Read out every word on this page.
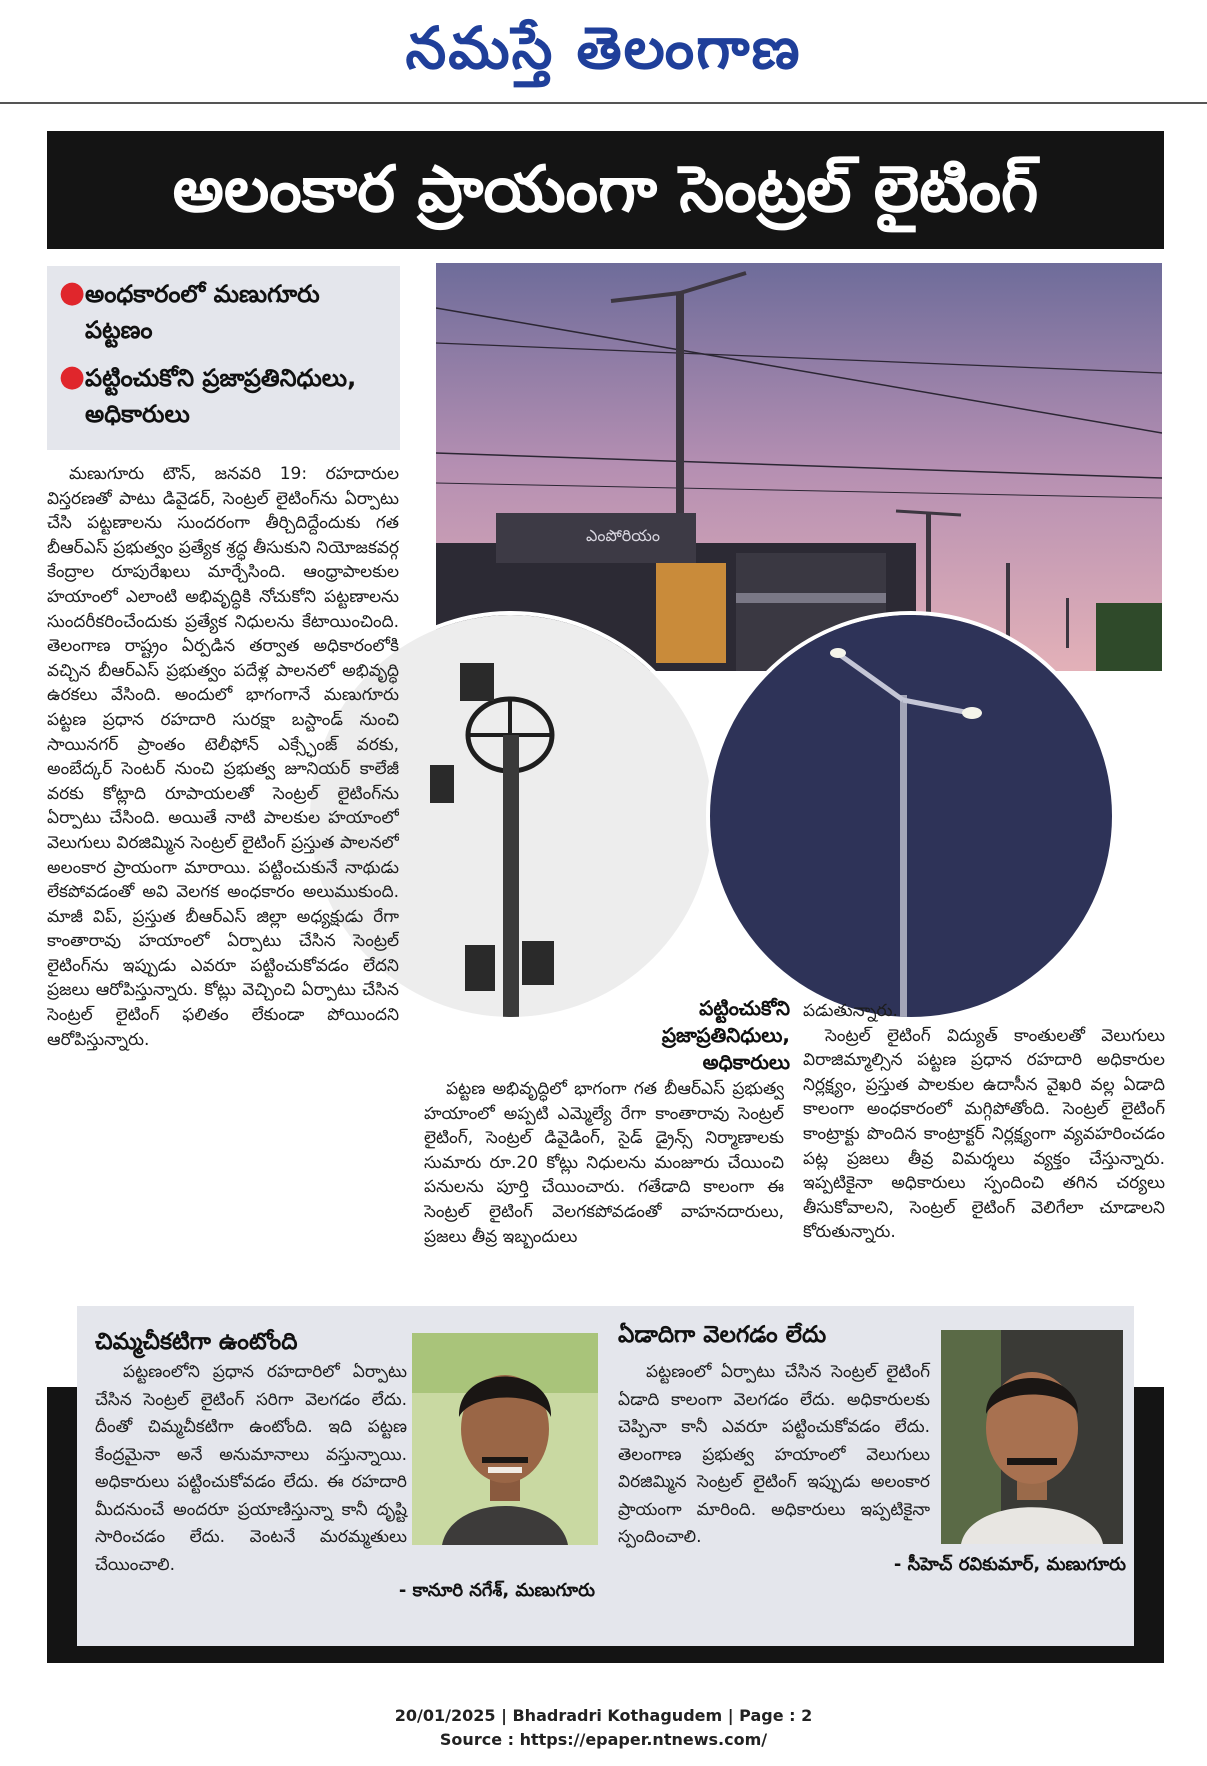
నమస్తే తెలంగాణ
అలంకార ప్రాయంగా సెంట్రల్ లైటింగ్
● అంధకారంలో మణుగూరు పట్టణం
● పట్టించుకోని ప్రజాప్రతినిధులు, అధికారులు
ఎంపోరియం

మణుగూరు టౌన్, జనవరి 19: రహదారుల విస్తరణతో పాటు డివైడర్, సెంట్రల్ లైటింగ్‌ను ఏర్పాటు చేసి పట్టణాలను సుందరంగా తీర్చిదిద్దేందుకు గత బీఆర్ఎస్ ప్రభుత్వం ప్రత్యేక శ్రద్ధ తీసుకుని నియోజకవర్గ కేంద్రాల రూపురేఖలు మార్చేసింది. ఆంధ్రాపాలకుల హయాంలో ఎలాంటి అభివృద్ధికి నోచుకోని పట్టణాలను సుందరీకరించేందుకు ప్రత్యేక నిధులను కేటాయించింది. తెలంగాణ రాష్ట్రం ఏర్పడిన తర్వాత అధికారంలోకి వచ్చిన బీఆర్ఎస్ ప్రభుత్వం పదేళ్ల పాలనలో అభివృద్ధి ఉరకలు వేసింది. అందులో భాగంగానే మణుగూరు పట్టణ ప్రధాన రహదారి సురక్షా బస్టాండ్ నుంచి సాయినగర్ ప్రాంతం టెలీఫోన్ ఎక్స్ఛేంజ్ వరకు, అంబేద్కర్ సెంటర్ నుంచి ప్రభుత్వ జూనియర్ కాలేజీ వరకు కోట్లాది రూపాయలతో సెంట్రల్ లైటింగ్‌ను ఏర్పాటు చేసింది. అయితే నాటి పాలకుల హయాంలో వెలుగులు విరజిమ్మిన సెంట్రల్ లైటింగ్ ప్రస్తుత పాలనలో అలంకార ప్రాయంగా మారాయి. పట్టించుకునే నాథుడు లేకపోవడంతో అవి వెలగక అంధకారం అలుముకుంది. మాజీ విప్, ప్రస్తుత బీఆర్ఎస్ జిల్లా అధ్యక్షుడు రేగా కాంతారావు హయాంలో ఏర్పాటు చేసిన సెంట్రల్ లైటింగ్‌ను ఇప్పుడు ఎవరూ పట్టించుకోవడం లేదని ప్రజలు ఆరోపిస్తున్నారు. కోట్లు వెచ్చించి ఏర్పాటు చేసిన సెంట్రల్ లైటింగ్ ఫలితం లేకుండా పోయిందని ఆరోపిస్తున్నారు.

పట్టించుకోని ప్రజాప్రతినిధులు, అధికారులు

పట్టణ అభివృద్ధిలో భాగంగా గత బీఆర్ఎస్ ప్రభుత్వ హయాంలో అప్పటి ఎమ్మెల్యే రేగా కాంతారావు సెంట్రల్ లైటింగ్, సెంట్రల్ డివైడింగ్, సైడ్ డ్రైన్స్ నిర్మాణాలకు సుమారు రూ.20 కోట్లు నిధులను మంజూరు చేయించి పనులను పూర్తి చేయించారు. గతేడాది కాలంగా ఈ సెంట్రల్ లైటింగ్ వెలగకపోవడంతో వాహనదారులు, ప్రజలు తీవ్ర ఇబ్బందులు

పడుతున్నారు.

సెంట్రల్ లైటింగ్ విద్యుత్ కాంతులతో వెలుగులు విరాజిమ్మాల్సిన పట్టణ ప్రధాన రహదారి అధికారుల నిర్లక్ష్యం, ప్రస్తుత పాలకుల ఉదాసీన వైఖరి వల్ల ఏడాది కాలంగా అంధకారంలో మగ్గిపోతోంది. సెంట్రల్ లైటింగ్ కాంట్రాక్టు పొందిన కాంట్రాక్టర్ నిర్లక్ష్యంగా వ్యవహరించడం పట్ల ప్రజలు తీవ్ర విమర్శలు వ్యక్తం చేస్తున్నారు. ఇప్పటికైనా అధికారులు స్పందించి తగిన చర్యలు తీసుకోవాలని, సెంట్రల్ లైటింగ్ వెలిగేలా చూడాలని కోరుతున్నారు.

చిమ్మచీకటిగా ఉంటోంది

పట్టణంలోని ప్రధాన రహదారిలో ఏర్పాటు చేసిన సెంట్రల్ లైటింగ్ సరిగా వెలగడం లేదు. దీంతో చిమ్మచీకటిగా ఉంటోంది. ఇది పట్టణ కేంద్రమైనా అనే అనుమానాలు వస్తున్నాయి. అధికారులు పట్టించుకోవడం లేదు. ఈ రహదారి మీదనుంచే అందరూ ప్రయాణిస్తున్నా కానీ దృష్టి సారించడం లేదు. వెంటనే మరమ్మతులు చేయించాలి.

- కానూరి నగేశ్, మణుగూరు
ఏడాదిగా వెలగడం లేదు

పట్టణంలో ఏర్పాటు చేసిన సెంట్రల్ లైటింగ్ ఏడాది కాలంగా వెలగడం లేదు. అధికారులకు చెప్పినా కానీ ఎవరూ పట్టించుకోవడం లేదు. తెలంగాణ ప్రభుత్వ హయాంలో వెలుగులు విరజిమ్మిన సెంట్రల్ లైటింగ్ ఇప్పుడు అలంకార ప్రాయంగా మారింది. అధికారులు ఇప్పటికైనా స్పందించాలి.

- సీహెచ్ రవికుమార్, మణుగూరు
20/01/2025 | Bhadradri Kothagudem | Page : 2
Source : https://epaper.ntnews.com/
